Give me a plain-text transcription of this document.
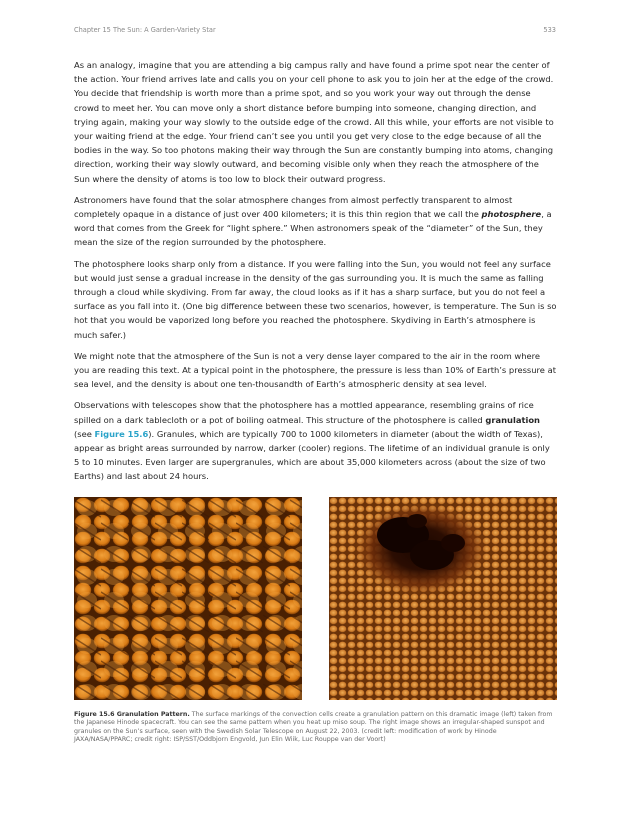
Chapter 15 The Sun: A Garden-Variety Star	533

As an analogy, imagine that you are attending a big campus rally and have found a prime spot near the center of the action. Your friend arrives late and calls you on your cell phone to ask you to join her at the edge of the crowd. You decide that friendship is worth more than a prime spot, and so you work your way out through the dense crowd to meet her. You can move only a short distance before bumping into someone, changing direction, and trying again, making your way slowly to the outside edge of the crowd. All this while, your efforts are not visible to your waiting friend at the edge. Your friend can’t see you until you get very close to the edge because of all the bodies in the way. So too photons making their way through the Sun are constantly bumping into atoms, changing direction, working their way slowly outward, and becoming visible only when they reach the atmosphere of the Sun where the density of atoms is too low to block their outward progress.

Astronomers have found that the solar atmosphere changes from almost perfectly transparent to almost completely opaque in a distance of just over 400 kilometers; it is this thin region that we call the photosphere, a word that comes from the Greek for “light sphere.” When astronomers speak of the “diameter” of the Sun, they mean the size of the region surrounded by the photosphere.

The photosphere looks sharp only from a distance. If you were falling into the Sun, you would not feel any surface but would just sense a gradual increase in the density of the gas surrounding you. It is much the same as falling through a cloud while skydiving. From far away, the cloud looks as if it has a sharp surface, but you do not feel a surface as you fall into it. (One big difference between these two scenarios, however, is temperature. The Sun is so hot that you would be vaporized long before you reached the photosphere. Skydiving in Earth’s atmosphere is much safer.)

We might note that the atmosphere of the Sun is not a very dense layer compared to the air in the room where you are reading this text. At a typical point in the photosphere, the pressure is less than 10% of Earth’s pressure at sea level, and the density is about one ten-thousandth of Earth’s atmospheric density at sea level.

Observations with telescopes show that the photosphere has a mottled appearance, resembling grains of rice spilled on a dark tablecloth or a pot of boiling oatmeal. This structure of the photosphere is called granulation (see Figure 15.6). Granules, which are typically 700 to 1000 kilometers in diameter (about the width of Texas), appear as bright areas surrounded by narrow, darker (cooler) regions. The lifetime of an individual granule is only 5 to 10 minutes. Even larger are supergranules, which are about 35,000 kilometers across (about the size of two Earths) and last about 24 hours.

Figure 15.6 Granulation Pattern. The surface markings of the convection cells create a granulation pattern on this dramatic image (left) taken from the Japanese Hinode spacecraft. You can see the same pattern when you heat up miso soup. The right image shows an irregular-shaped sunspot and granules on the Sun’s surface, seen with the Swedish Solar Telescope on August 22, 2003. (credit left: modification of work by Hinode JAXA/NASA/PPARC; credit right: ISP/SST/Oddbjorn Engvold, Jun Elin Wiik, Luc Rouppe van der Voort)
